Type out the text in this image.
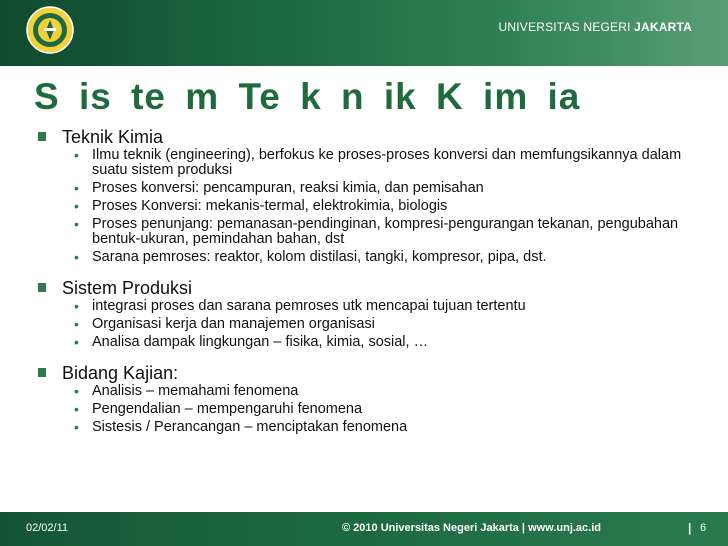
UNIVERSITAS NEGERI JAKARTA
S is te m Te k n ik K im ia
Teknik Kimia
• Ilmu teknik (engineering), berfokus ke proses-proses konversi dan memfungsikannya dalam suatu sistem produksi
• Proses konversi: pencampuran, reaksi kimia, dan pemisahan
• Proses Konversi: mekanis-termal, elektrokimia, biologis
• Proses penunjang: pemanasan-pendinginan, kompresi-pengurangan tekanan, pengubahan bentuk-ukuran, pemindahan bahan, dst
• Sarana pemroses: reaktor, kolom distilasi, tangki, kompresor, pipa, dst.
Sistem Produksi
• integrasi proses dan sarana pemroses utk mencapai tujuan tertentu
• Organisasi kerja dan manajemen organisasi
• Analisa dampak lingkungan – fisika, kimia, sosial, …
Bidang Kajian:
• Analisis – memahami fenomena
• Pengendalian – mempengaruhi fenomena
• Sistesis / Perancangan – menciptakan fenomena
02/02/11	© 2010 Universitas Negeri Jakarta | www.unj.ac.id	| 6
